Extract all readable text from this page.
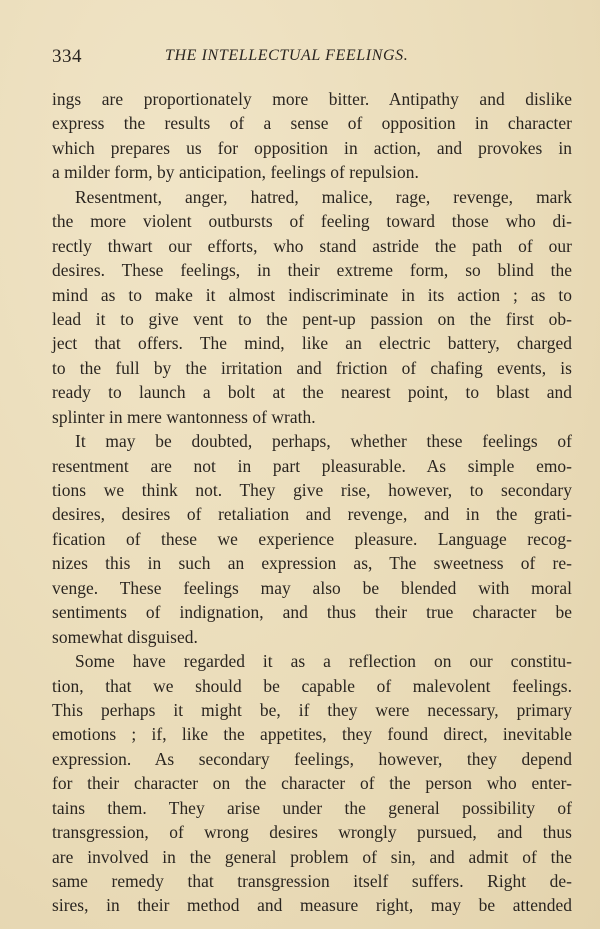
334	THE INTELLECTUAL FEELINGS.
ings are proportionately more bitter. Antipathy and dislike
express the results of a sense of opposition in character
which prepares us for opposition in action, and provokes in
a milder form, by anticipation, feelings of repulsion.
Resentment, anger, hatred, malice, rage, revenge, mark
the more violent outbursts of feeling toward those who di-
rectly thwart our efforts, who stand astride the path of our
desires. These feelings, in their extreme form, so blind the
mind as to make it almost indiscriminate in its action ; as to
lead it to give vent to the pent-up passion on the first ob-
ject that offers. The mind, like an electric battery, charged
to the full by the irritation and friction of chafing events, is
ready to launch a bolt at the nearest point, to blast and
splinter in mere wantonness of wrath.
It may be doubted, perhaps, whether these feelings of
resentment are not in part pleasurable. As simple emo-
tions we think not. They give rise, however, to secondary
desires, desires of retaliation and revenge, and in the grati-
fication of these we experience pleasure. Language recog-
nizes this in such an expression as, The sweetness of re-
venge. These feelings may also be blended with moral
sentiments of indignation, and thus their true character be
somewhat disguised.
Some have regarded it as a reflection on our constitu-
tion, that we should be capable of malevolent feelings.
This perhaps it might be, if they were necessary, primary
emotions ; if, like the appetites, they found direct, inevitable
expression. As secondary feelings, however, they depend
for their character on the character of the person who enter-
tains them. They arise under the general possibility of
transgression, of wrong desires wrongly pursued, and thus
are involved in the general problem of sin, and admit of the
same remedy that transgression itself suffers. Right de-
sires, in their method and measure right, may be attended
